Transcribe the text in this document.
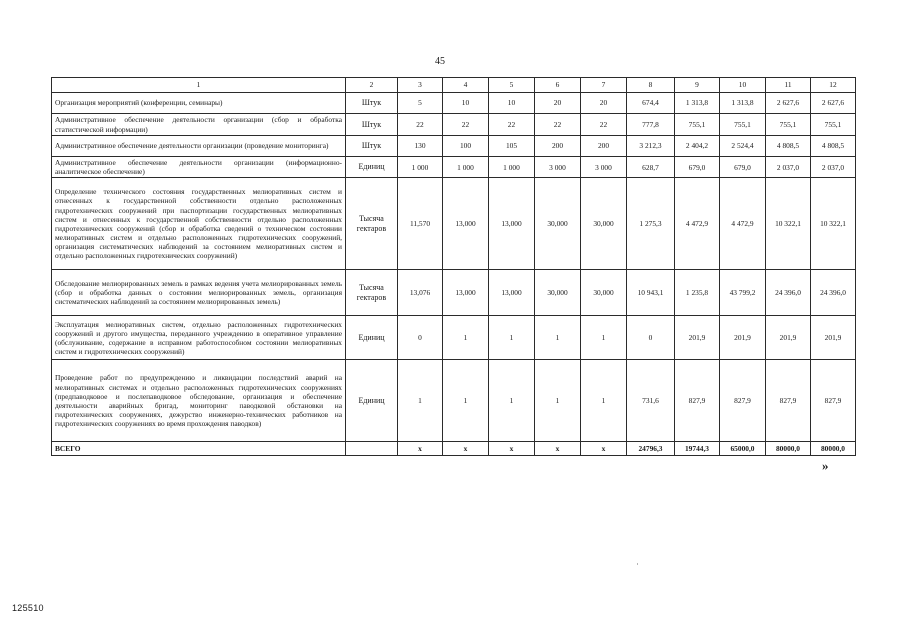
45
1	2	3	4	5	6	7	8	9	10	11	12
Организация мероприятий (конференции, семинары)	Штук	5	10	10	20	20	674,4	1 313,8	1 313,8	2 627,6	2 627,6
Административное обеспечение деятельности организации (сбор и обработка статистической информации)	Штук	22	22	22	22	22	777,8	755,1	755,1	755,1	755,1
Административное обеспечение деятельности организации (проведение мониторинга)	Штук	130	100	105	200	200	3 212,3	2 404,2	2 524,4	4 808,5	4 808,5
Административное обеспечение деятельности организации (информационно-аналитическое обеспечение)	Единиц	1 000	1 000	1 000	3 000	3 000	628,7	679,0	679,0	2 037,0	2 037,0
Определение технического состояния государственных мелиоративных систем и отнесенных к государственной собственности отдельно расположенных гидротехнических сооружений при паспортизации государственных мелиоративных систем и отнесенных к государственной собственности отдельно расположенных гидротехнических сооружений (сбор и обработка сведений о техническом состоянии мелиоративных систем и отдельно расположенных гидротехнических сооружений, организация систематических наблюдений за состоянием мелиоративных систем и отдельно расположенных гидротехнических сооружений)	Тысяча гектаров	11,570	13,000	13,000	30,000	30,000	1 275,3	4 472,9	4 472,9	10 322,1	10 322,1
Обследование мелиорированных земель в рамках ведения учета мелиорированных земель (сбор и обработка данных о состоянии мелиорированных земель, организация систематических наблюдений за состоянием мелиорированных земель)	Тысяча гектаров	13,076	13,000	13,000	30,000	30,000	10 943,1	1 235,8	43 799,2	24 396,0	24 396,0
Эксплуатация мелиоративных систем, отдельно расположенных гидротехнических сооружений и другого имущества, переданного учреждению в оперативное управление (обслуживание, содержание в исправном работоспособном состоянии мелиоративных систем и гидротехнических сооружений)	Единиц	0	1	1	1	1	0	201,9	201,9	201,9	201,9
Проведение работ по предупреждению и ликвидации последствий аварий на мелиоративных системах и отдельно расположенных гидротехнических сооружениях (предпаводковое и послепаводковое обследование, организация и обеспечение деятельности аварийных бригад, мониторинг паводковой обстановки на гидротехнических сооружениях, дежурство инженерно-технических работников на гидротехнических сооружениях во время прохождения паводков)	Единиц	1	1	1	1	1	731,6	827,9	827,9	827,9	827,9
ВСЕГО		х	х	х	х	х	24796,3	19744,3	65000,0	80000,0	80000,0
»
125510
